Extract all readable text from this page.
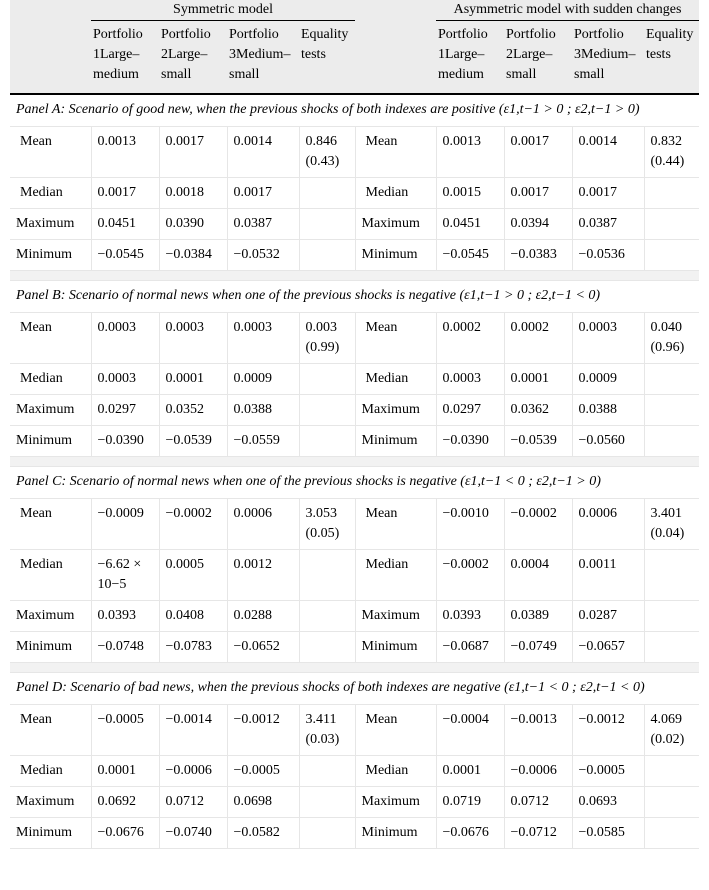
	Symmetric model					Asymmetric model with sudden changes			
	Portfolio 1Large–medium	Portfolio 2Large–small	Portfolio 3Medium–small	Equality tests		Portfolio 1Large–medium	Portfolio 2Large–small	Portfolio 3Medium–small	Equality tests
Panel A: Scenario of good new, when the previous shocks of both indexes are positive (ε1,t−1 > 0 ; ε2,t−1 > 0)									
Mean	0.0013	0.0017	0.0014	0.846 (0.43)	Mean	0.0013	0.0017	0.0014	0.832 (0.44)
Median	0.0017	0.0018	0.0017		Median	0.0015	0.0017	0.0017	
Maximum	0.0451	0.0390	0.0387		Maximum	0.0451	0.0394	0.0387	
Minimum	−0.0545	−0.0384	−0.0532		Minimum	−0.0545	−0.0383	−0.0536	

Panel B: Scenario of normal news when one of the previous shocks is negative (ε1,t−1 > 0 ; ε2,t−1 < 0)									
Mean	0.0003	0.0003	0.0003	0.003 (0.99)	Mean	0.0002	0.0002	0.0003	0.040 (0.96)
Median	0.0003	0.0001	0.0009		Median	0.0003	0.0001	0.0009	
Maximum	0.0297	0.0352	0.0388		Maximum	0.0297	0.0362	0.0388	
Minimum	−0.0390	−0.0539	−0.0559		Minimum	−0.0390	−0.0539	−0.0560	

Panel C: Scenario of normal news when one of the previous shocks is negative (ε1,t−1 < 0 ; ε2,t−1 > 0)									
Mean	−0.0009	−0.0002	0.0006	3.053 (0.05)	Mean	−0.0010	−0.0002	0.0006	3.401 (0.04)
Median	−6.62 × 10−5	0.0005	0.0012		Median	−0.0002	0.0004	0.0011	
Maximum	0.0393	0.0408	0.0288		Maximum	0.0393	0.0389	0.0287	
Minimum	−0.0748	−0.0783	−0.0652		Minimum	−0.0687	−0.0749	−0.0657	

Panel D: Scenario of bad news, when the previous shocks of both indexes are negative (ε1,t−1 < 0 ; ε2,t−1 < 0)									
Mean	−0.0005	−0.0014	−0.0012	3.411 (0.03)	Mean	−0.0004	−0.0013	−0.0012	4.069 (0.02)
Median	0.0001	−0.0006	−0.0005		Median	0.0001	−0.0006	−0.0005	
Maximum	0.0692	0.0712	0.0698		Maximum	0.0719	0.0712	0.0693	
Minimum	−0.0676	−0.0740	−0.0582		Minimum	−0.0676	−0.0712	−0.0585	
